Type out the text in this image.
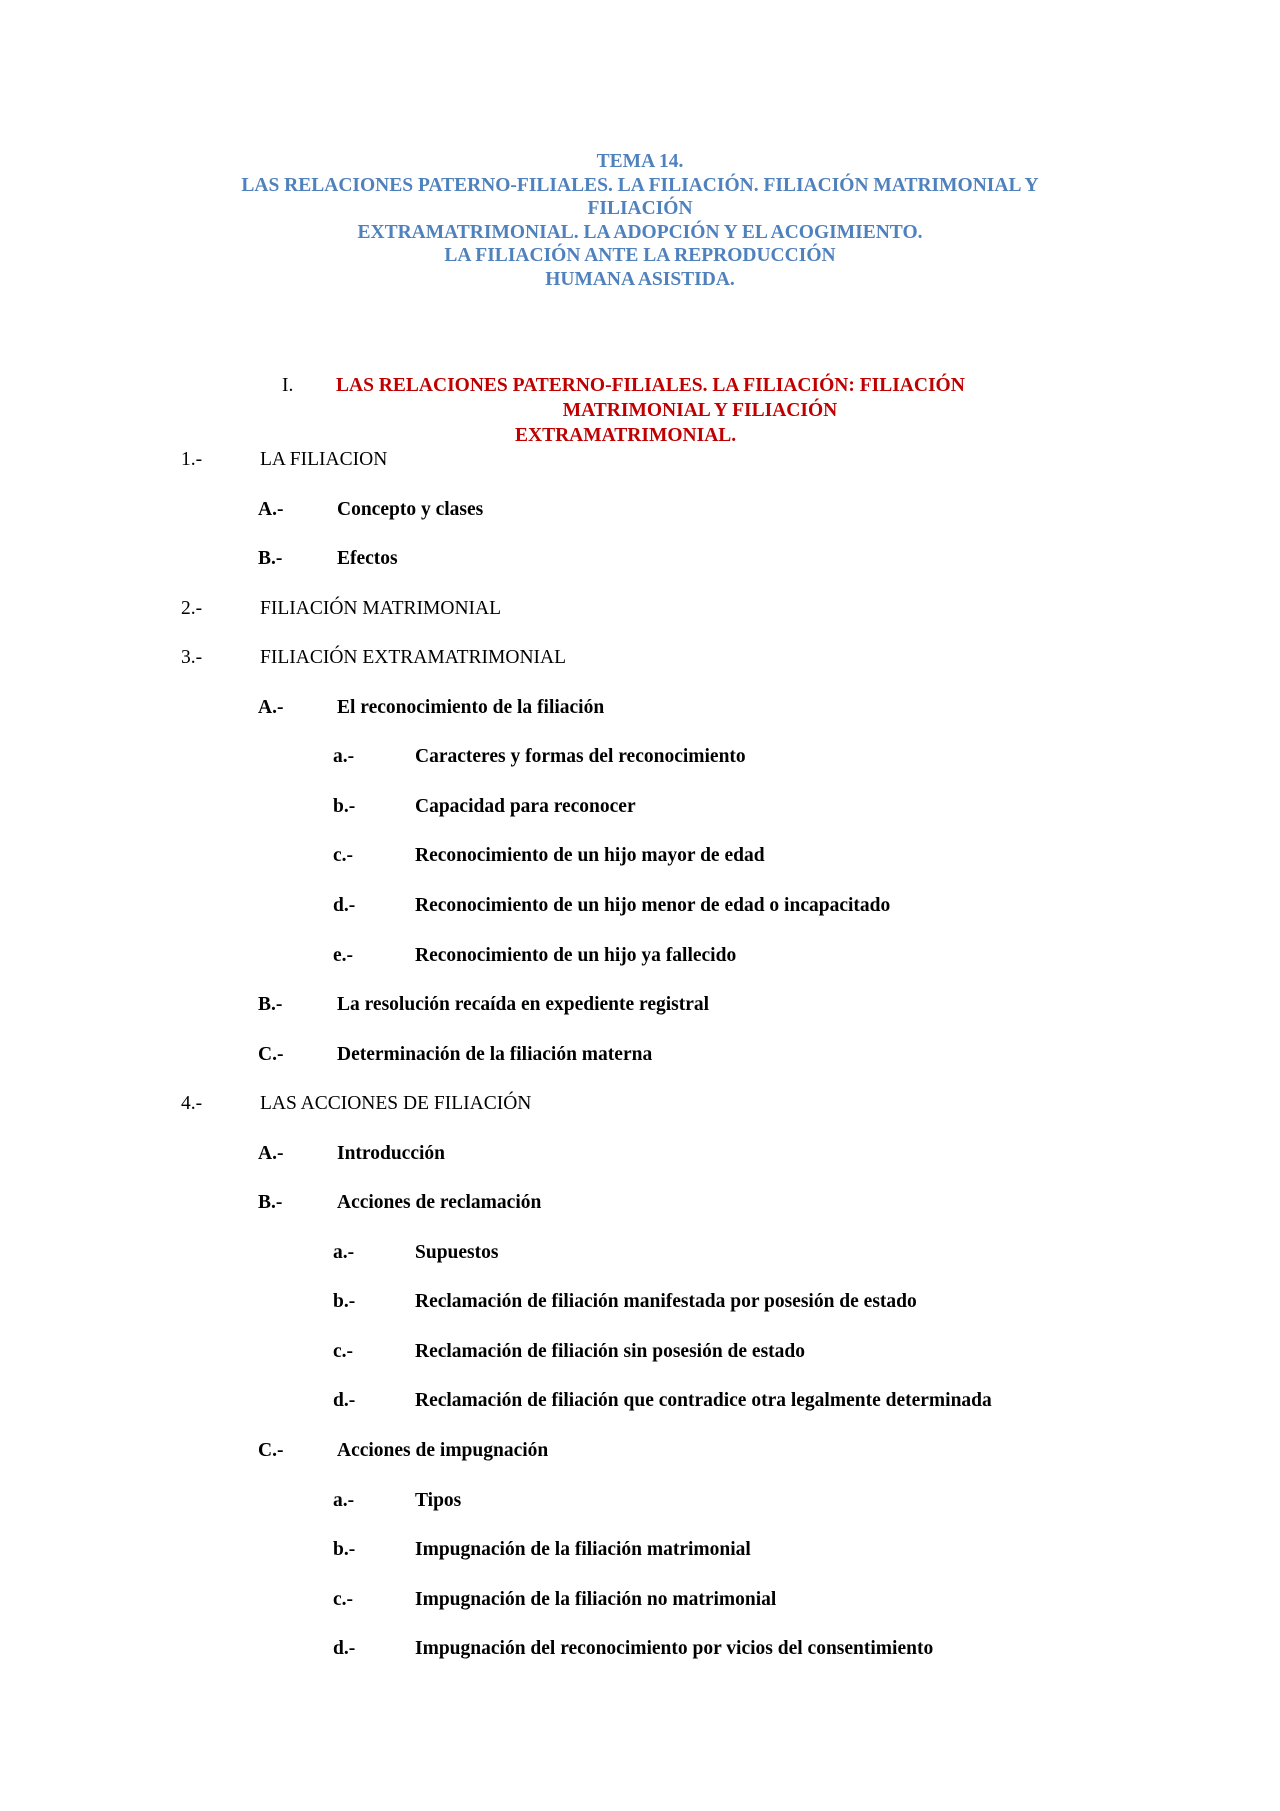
TEMA 14.
LAS RELACIONES PATERNO-FILIALES. LA FILIACIÓN. FILIACIÓN MATRIMONIAL Y
FILIACIÓN
EXTRAMATRIMONIAL. LA ADOPCIÓN Y EL ACOGIMIENTO.
LA FILIACIÓN ANTE LA REPRODUCCIÓN
HUMANA ASISTIDA.
I. LAS RELACIONES PATERNO-FILIALES. LA FILIACIÓN: FILIACIÓN
MATRIMONIAL Y FILIACIÓN
EXTRAMATRIMONIAL.
1.-	LA FILIACION
A.-	Concepto y clases
B.-	Efectos
2.-	FILIACIÓN MATRIMONIAL
3.-	FILIACIÓN EXTRAMATRIMONIAL
A.-	El reconocimiento de la filiación
a.-	Caracteres y formas del reconocimiento
b.-	Capacidad para reconocer
c.-	Reconocimiento de un hijo mayor de edad
d.-	Reconocimiento de un hijo menor de edad o incapacitado
e.-	Reconocimiento de un hijo ya fallecido
B.-	La resolución recaída en expediente registral
C.-	Determinación de la filiación materna
4.-	LAS ACCIONES DE FILIACIÓN
A.-	Introducción
B.-	Acciones de reclamación
a.-	Supuestos
b.-	Reclamación de filiación manifestada por posesión de estado
c.-	Reclamación de filiación sin posesión de estado
d.-	Reclamación de filiación que contradice otra legalmente determinada
C.-	Acciones de impugnación
a.-	Tipos
b.-	Impugnación de la filiación matrimonial
c.-	Impugnación de la filiación no matrimonial
d.-	Impugnación del reconocimiento por vicios del consentimiento
